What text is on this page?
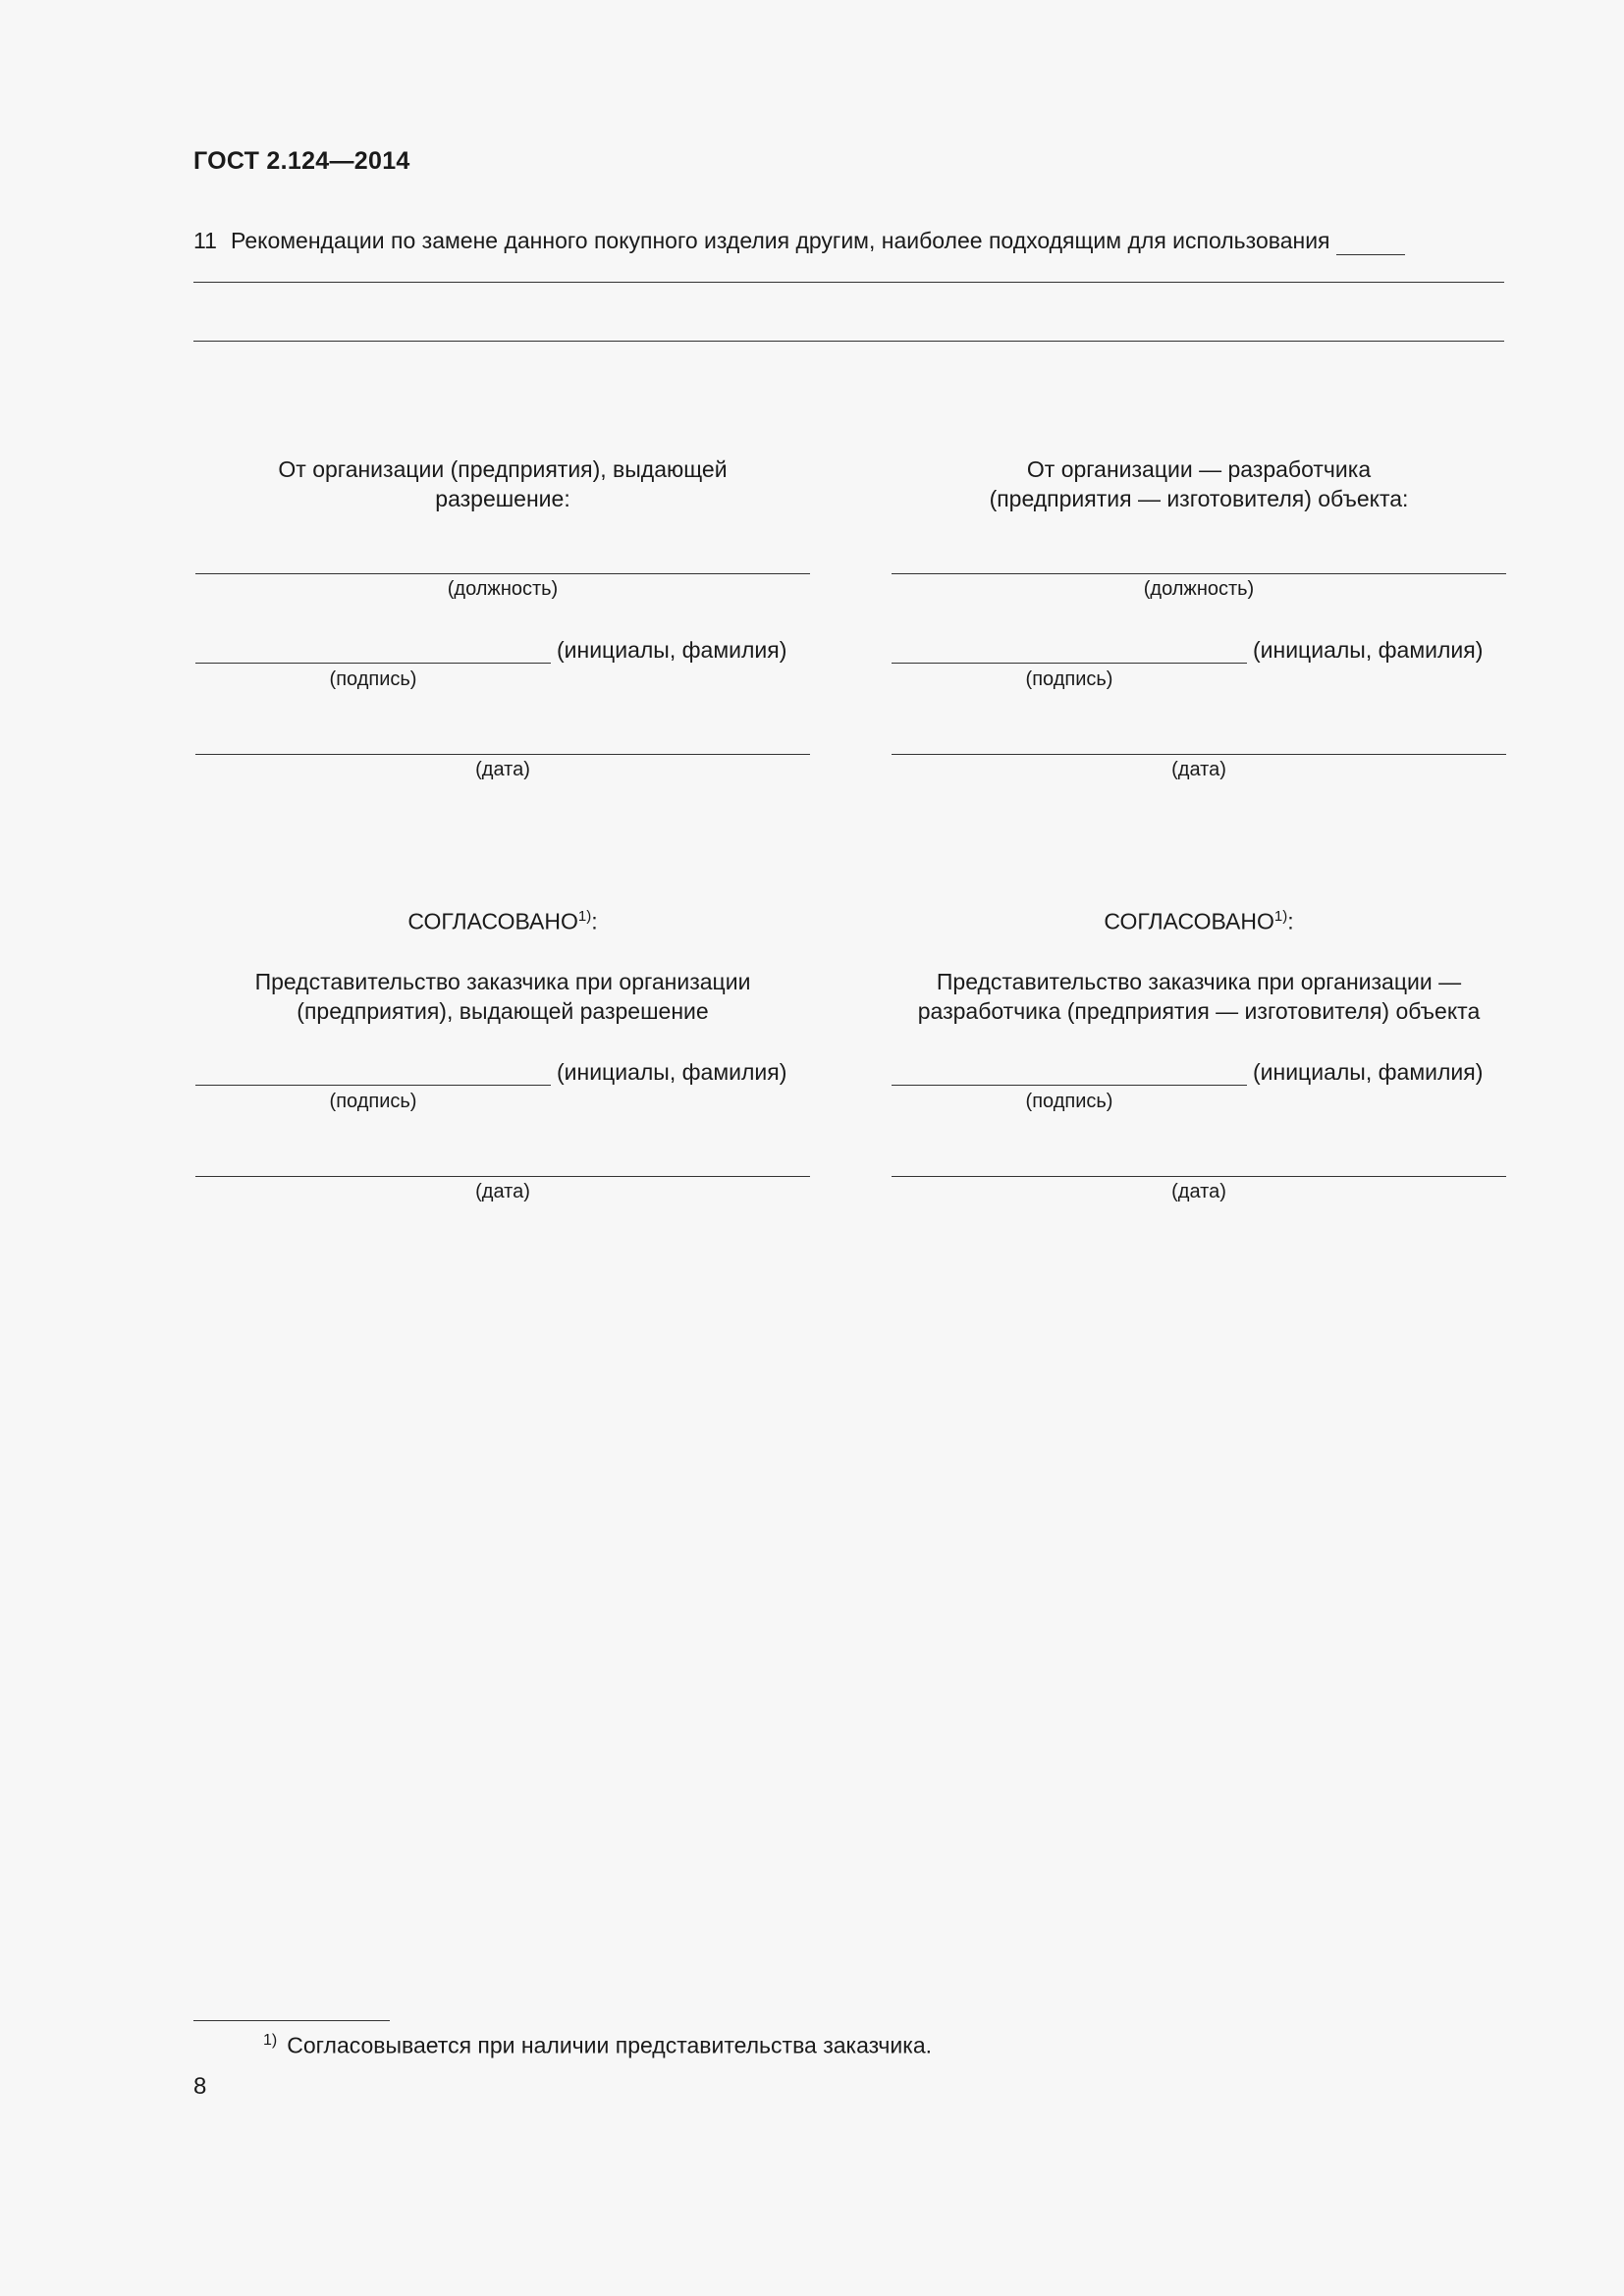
ГОСТ 2.124—2014
11 Рекомендации по замене данного покупного изделия другим, наиболее подходящим для использования
От организации (предприятия), выдающей
разрешение:
(должность)
(инициалы, фамилия)
(подпись)
(дата)
От организации — разработчика
(предприятия — изготовителя) объекта:
(должность)
(инициалы, фамилия)
(подпись)
(дата)
СОГЛАСОВАНО$^{1)}$:
Представительство заказчика при организации
(предприятия), выдающей разрешение
(инициалы, фамилия)
(подпись)
(дата)
СОГЛАСОВАНО$^{1)}$:
Представительство заказчика при организации —
разработчика (предприятия — изготовителя) объекта
(инициалы, фамилия)
(подпись)
(дата)
$^{1)}$ Согласовывается при наличии представительства заказчика.
8
